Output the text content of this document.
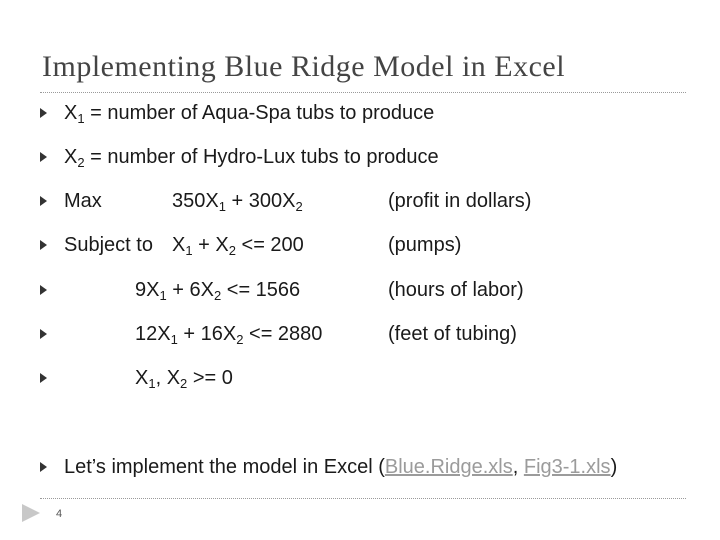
Implementing Blue Ridge Model in Excel
$X_1$ = number of Aqua-Spa tubs to produce
$X_2$ = number of Hydro-Lux tubs to produce
Max	$350X_1 + 300X_2$	(profit in dollars)
Subject to $X_1 + X_2 <= 200$	(pumps)
$9X_1 + 6X_2 <= 1566$	(hours of labor)
$12X_1 + 16X_2 <= 2880$	(feet of tubing)
$X_1$, $X_2 >= 0$
Let’s implement the model in Excel (Blue.Ridge.xls, Fig3-1.xls)
4
